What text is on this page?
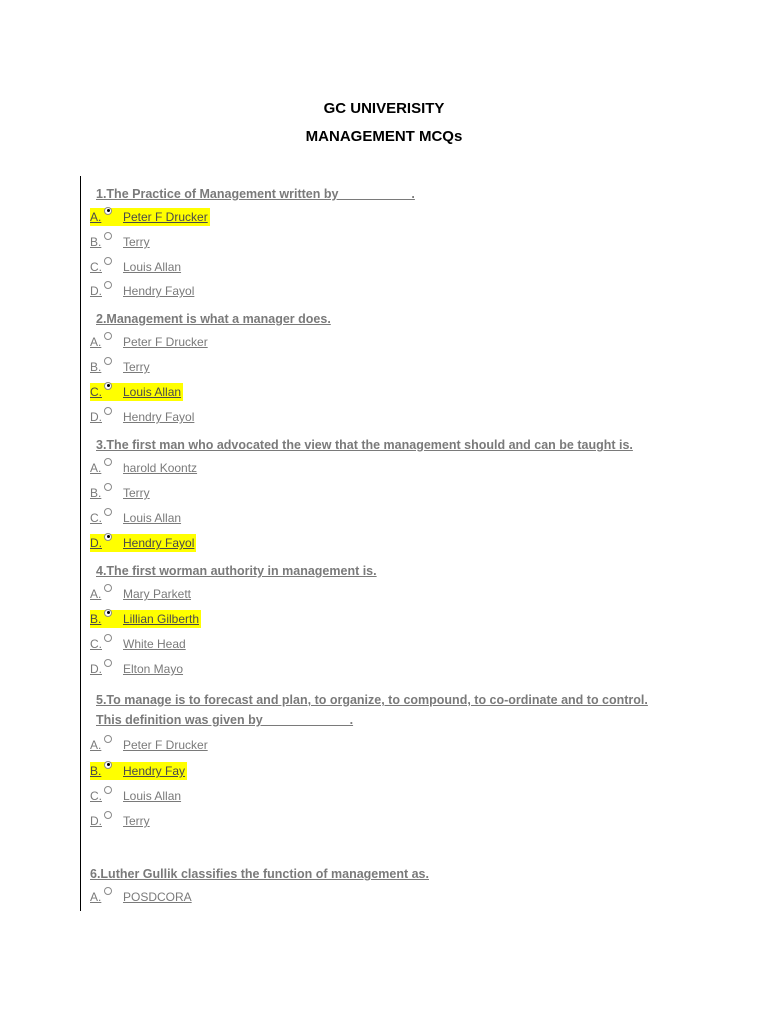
GC UNIVERISITY
MANAGEMENT MCQs

1.The Practice of Management written by __________.

A. Peter F Drucker
B. Terry
C. Louis Allan
D. Hendry Fayol

2.Management is what a manager does.

A. Peter F Drucker
B. Terry
C. Louis Allan
D. Hendry Fayol

3.The first man who advocated the view that the management should and can be taught is.

A. harold Koontz
B. Terry
C. Louis Allan
D. Hendry Fayol

4.The first worman authority in management is.

A. Mary Parkett
B. Lillian Gilberth
C. White Head
D. Elton Mayo

5.To manage is to forecast and plan, to organize, to compound, to co-ordinate and to control. This definition was given by ____________.

A. Peter F Drucker
B. Hendry Fay
C. Louis Allan
D. Terry

6.Luther Gullik classifies the function of management as.

A. POSDCORA
